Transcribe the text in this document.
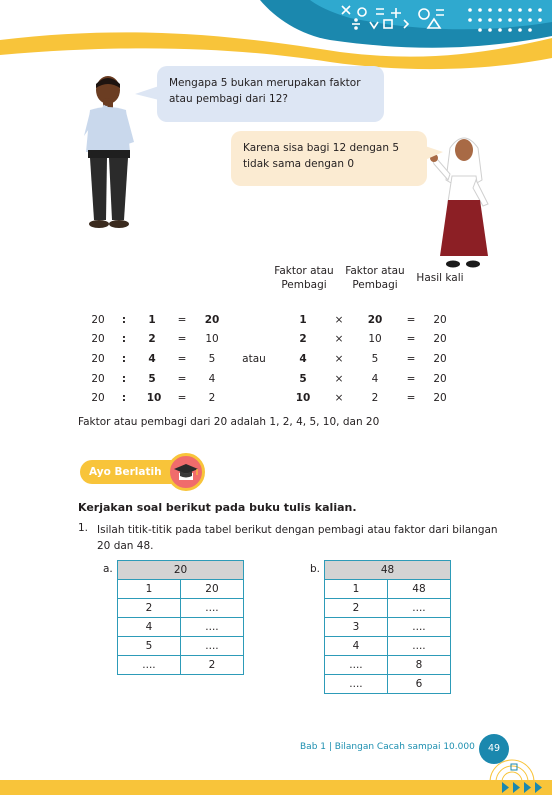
Mengapa 5 bukan merupakan faktor atau pembagi dari 12?
Karena sisa bagi 12 dengan 5 tidak sama dengan 0
Faktor atau Pembagi
Faktor atau Pembagi
Hasil kali
20	:	1	=	20	1	×	20	=	20
20	:	2	=	10	2	×	10	=	20
20	:	4	=	5	atau	4	×	5	=	20
20	:	5	=	4	5	×	4	=	20
20	:	10	=	2	10	×	2	=	20
Faktor atau pembagi dari 20 adalah 1, 2, 4, 5, 10, dan 20
Ayo Berlatih
Kerjakan soal berikut pada buku tulis kalian.
1. Isilah titik-titik pada tabel berikut dengan pembagi atau faktor dari bilangan 20 dan 48.
a.	20	
1	20
2	....
4	....
5	....
....	2
b.	48	
1	48
2	....
3	....
4	....
....	8
....	6
Bab 1 | Bilangan Cacah sampai 10.000	49
